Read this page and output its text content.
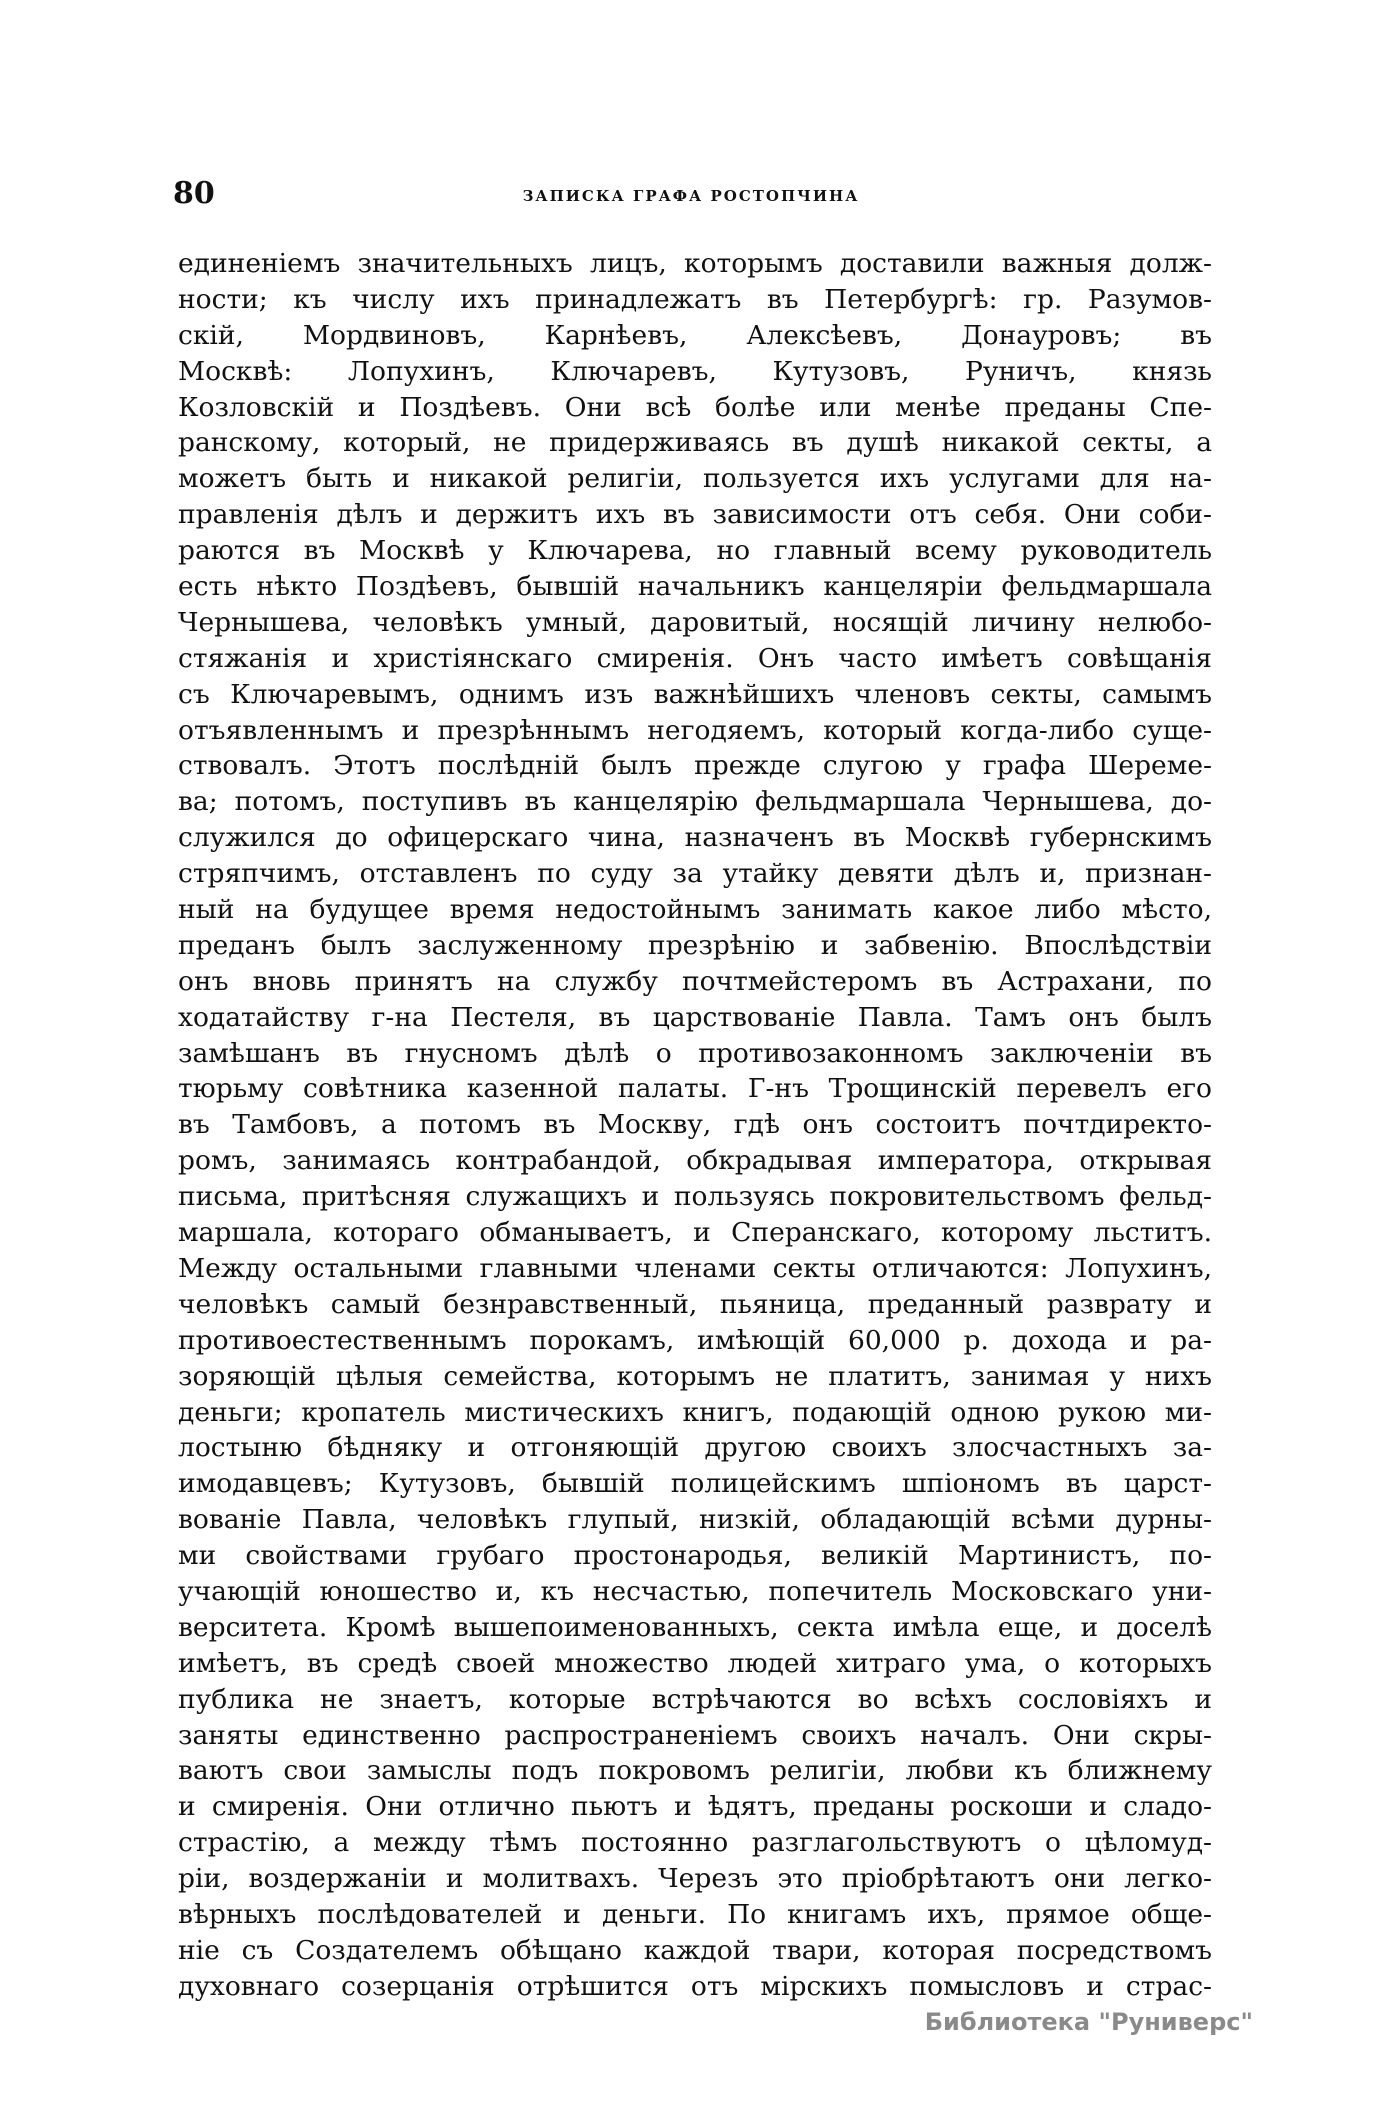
80	ЗАПИСКА ГРАФА РОСТОПЧИНА
единеніемъ значительныхъ лицъ, которымъ доставили важныя долж-
ности; къ числу ихъ принадлежатъ въ Петербургѣ: гр. Разумов-
скій, Мордвиновъ, Карнѣевъ, Алексѣевъ, Донауровъ; въ
Москвѣ: Лопухинъ, Ключаревъ, Кутузовъ, Руничъ, князь
Козловскій и Поздѣевъ. Они всѣ болѣе или менѣе преданы Спе-
ранскому, который, не придерживаясь въ душѣ никакой секты, а
можетъ быть и никакой религіи, пользуется ихъ услугами для на-
правленія дѣлъ и держитъ ихъ въ зависимости отъ себя. Они соби-
раются въ Москвѣ у Ключарева, но главный всему руководитель
есть нѣкто Поздѣевъ, бывшій начальникъ канцеляріи фельдмаршала
Чернышева, человѣкъ умный, даровитый, носящій личину нелюбо-
стяжанія и христіянскаго смиренія. Онъ часто имѣетъ совѣщанія
съ Ключаревымъ, однимъ изъ важнѣйшихъ членовъ секты, самымъ
отъявленнымъ и презрѣннымъ негодяемъ, который когда-либо суще-
ствовалъ. Этотъ послѣдній былъ прежде слугою у графа Шереме-
ва; потомъ, поступивъ въ канцелярію фельдмаршала Чернышева, до-
служился до офицерскаго чина, назначенъ въ Москвѣ губернскимъ
стряпчимъ, отставленъ по суду за утайку девяти дѣлъ и, признан-
ный на будущее время недостойнымъ занимать какое либо мѣсто,
преданъ былъ заслуженному презрѣнію и забвенію. Впослѣдствіи
онъ вновь принятъ на службу почтмейстеромъ въ Астрахани, по
ходатайству г-на Пестеля, въ царствованіе Павла. Тамъ онъ былъ
замѣшанъ въ гнусномъ дѣлѣ о противозаконномъ заключеніи въ
тюрьму совѣтника казенной палаты. Г-нъ Трощинскій перевелъ его
въ Тамбовъ, а потомъ въ Москву, гдѣ онъ состоитъ почтдиректо-
ромъ, занимаясь контрабандой, обкрадывая императора, открывая
письма, притѣсняя служащихъ и пользуясь покровительствомъ фельд-
маршала, котораго обманываетъ, и Сперанскаго, которому льститъ.
Между остальными главными членами секты отличаются: Лопухинъ,
человѣкъ самый безнравственный, пьяница, преданный разврату и
противоестественнымъ порокамъ, имѣющій 60,000 р. дохода и ра-
зоряющій цѣлыя семейства, которымъ не платитъ, занимая у нихъ
деньги; кропатель мистическихъ книгъ, подающій одною рукою ми-
лостыню бѣдняку и отгоняющій другою своихъ злосчастныхъ за-
имодавцевъ; Кутузовъ, бывшій полицейскимъ шпіономъ въ царст-
вованіе Павла, человѣкъ глупый, низкій, обладающій всѣми дурны-
ми свойствами грубаго простонародья, великій Мартинистъ, по-
учающій юношество и, къ несчастью, попечитель Московскаго уни-
верситета. Кромѣ вышепоименованныхъ, секта имѣла еще, и доселѣ
имѣетъ, въ средѣ своей множество людей хитраго ума, о которыхъ
публика не знаетъ, которые встрѣчаются во всѣхъ сословіяхъ и
заняты единственно распространеніемъ своихъ началъ. Они скры-
ваютъ свои замыслы подъ покровомъ религіи, любви къ ближнему
и смиренія. Они отлично пьютъ и ѣдятъ, преданы роскоши и сладо-
страстію, а между тѣмъ постоянно разглагольствуютъ о цѣломуд-
ріи, воздержаніи и молитвахъ. Черезъ это пріобрѣтаютъ они легко-
вѣрныхъ послѣдователей и деньги. По книгамъ ихъ, прямое обще-
ніе съ Создателемъ обѣщано каждой твари, которая посредствомъ
духовнаго созерцанія отрѣшится отъ мірскихъ помысловъ и страс-
Библиотека "Руниверс"
